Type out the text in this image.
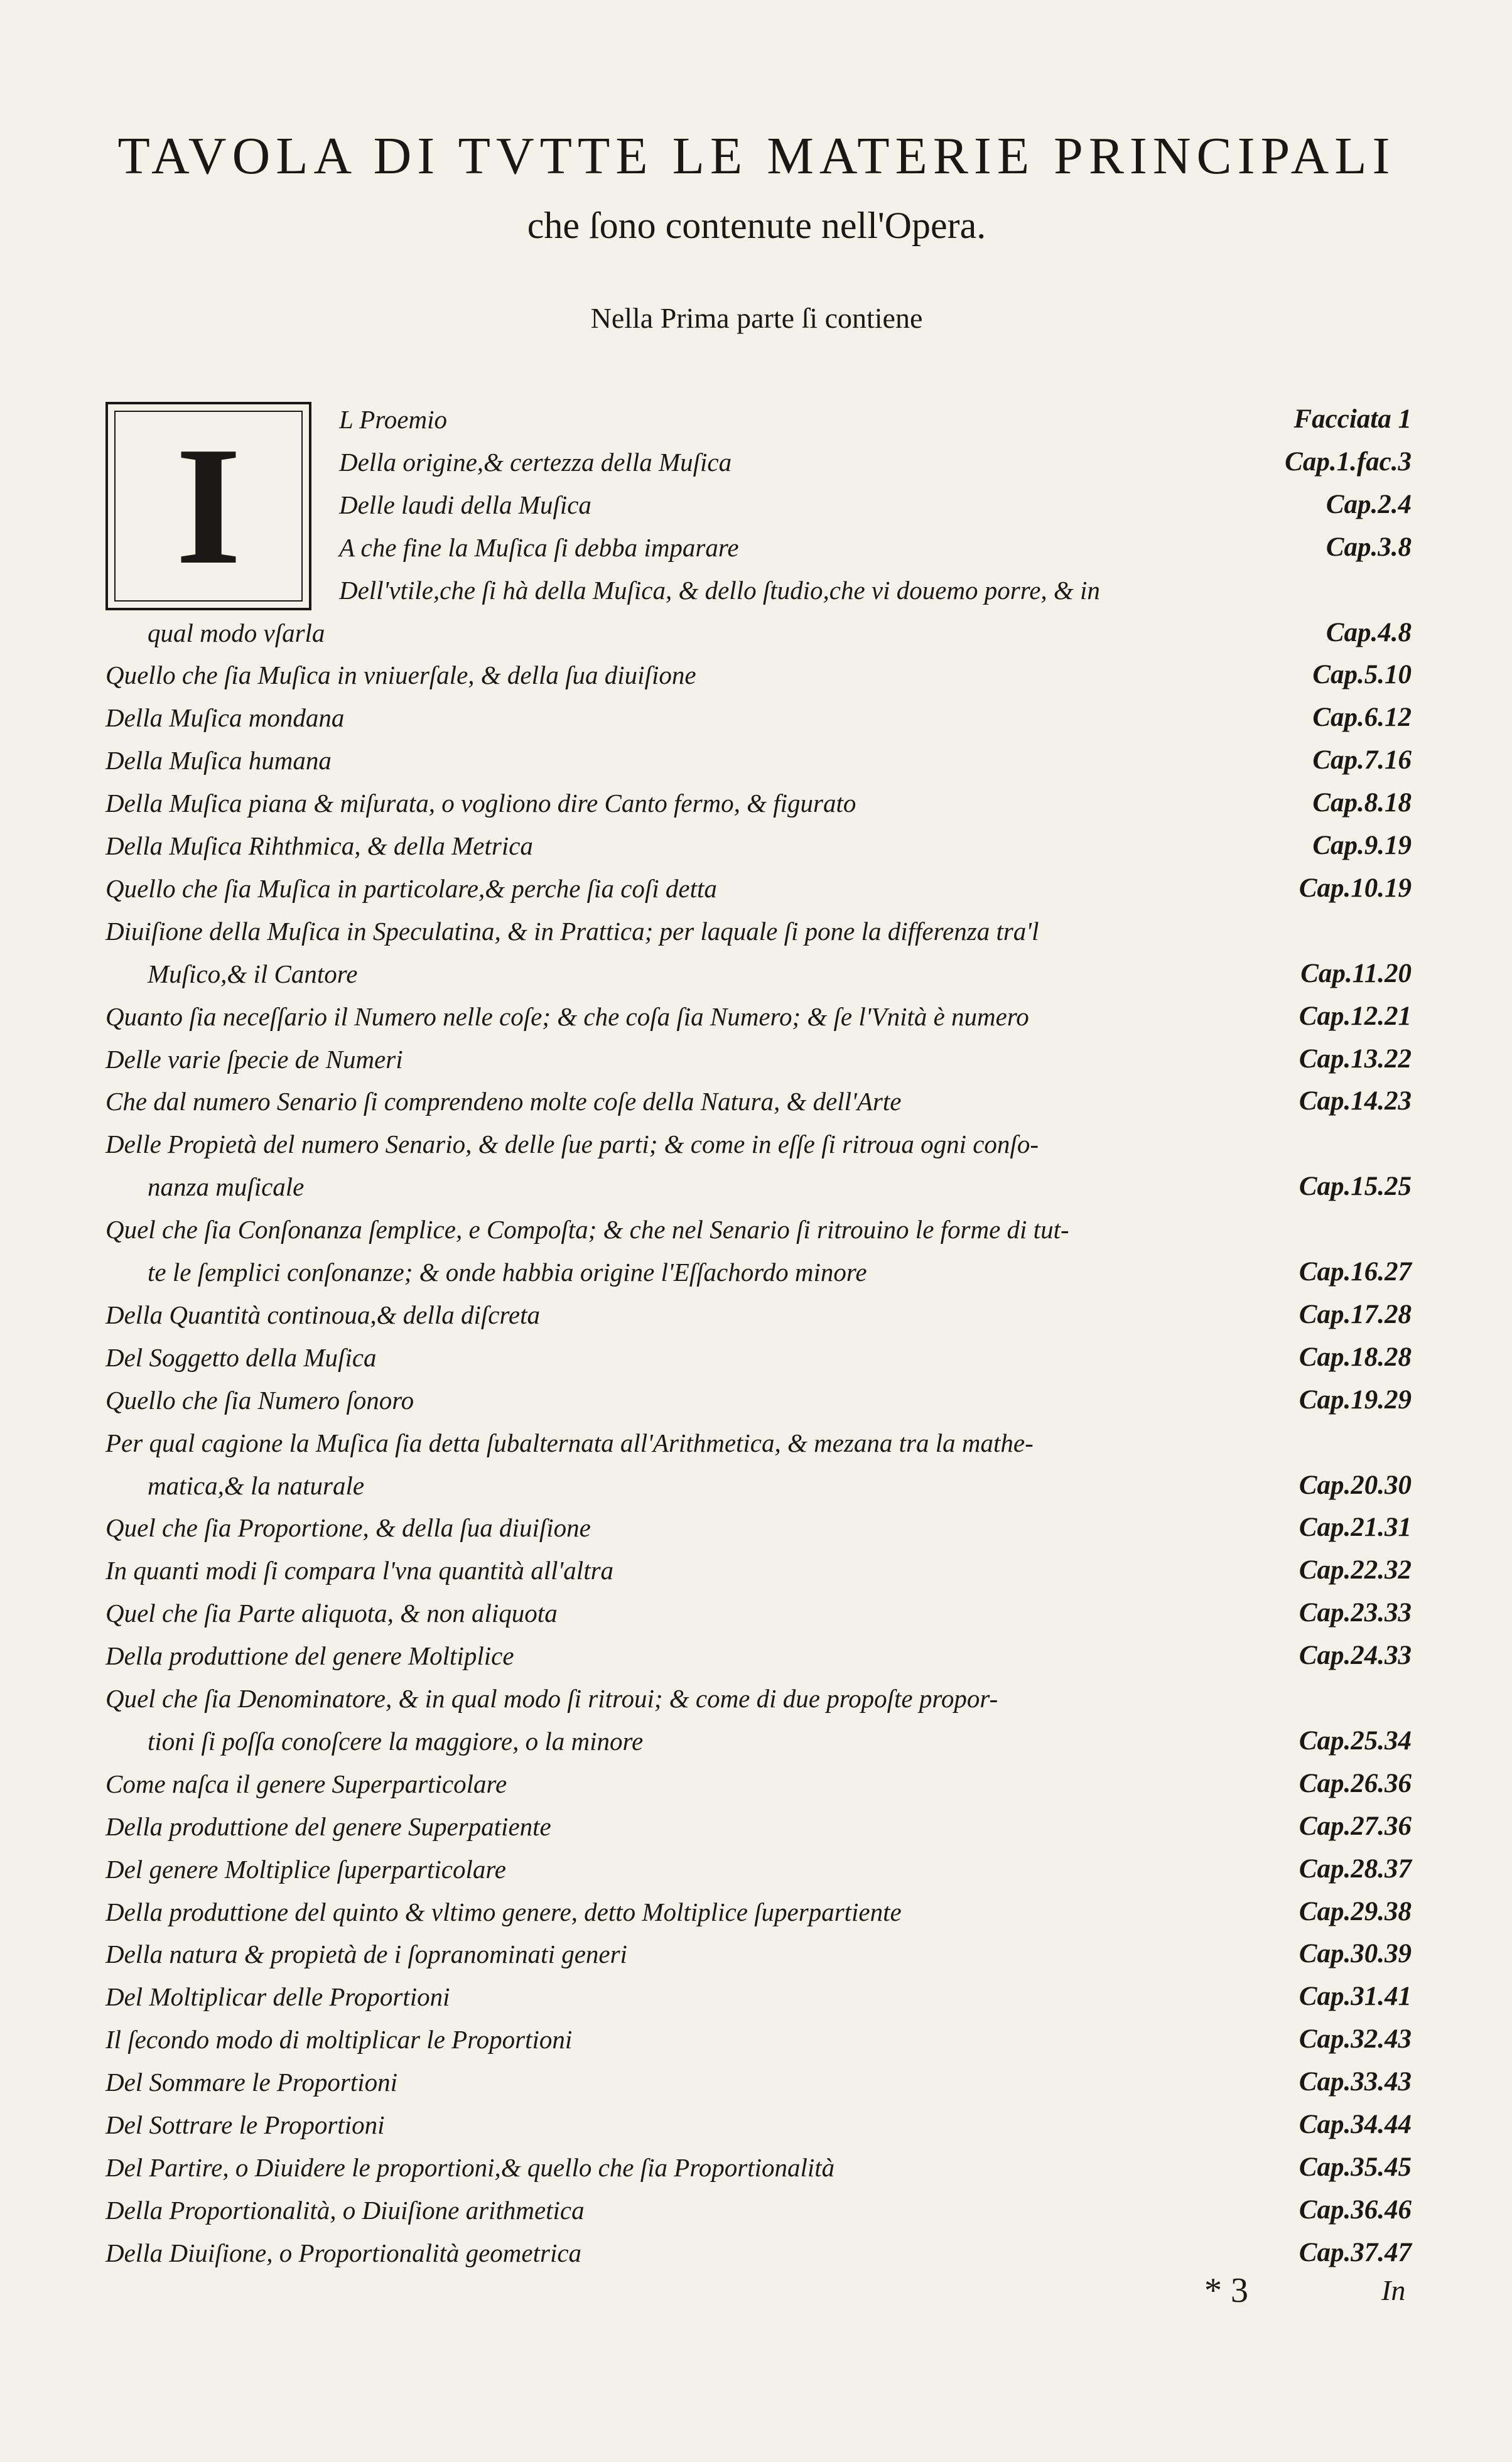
TAVOLA DI TVTTE LE MATERIE PRINCIPALI
che ſono contenute nell'Opera.
Nella Prima parte ſi contiene
I	L Proemio	Facciata 1
Della origine,& certezza della Muſica	Cap.1.fac.3
Delle laudi della Muſica	Cap.2.4
A che fine la Muſica ſi debba imparare	Cap.3.8
Dell'vtile,che ſi hà della Muſica, & dello ſtudio,che vi douemo porre, & in
qual modo vſarla	Cap.4.8
Quello che ſia Muſica in vniuerſale, & della ſua diuiſione	Cap.5.10
Della Muſica mondana	Cap.6.12
Della Muſica humana	Cap.7.16
Della Muſica piana & miſurata, o vogliono dire Canto fermo, & figurato	Cap.8.18
Della Muſica Rihthmica, & della Metrica	Cap.9.19
Quello che ſia Muſica in particolare,& perche ſia coſi detta	Cap.10.19
Diuiſione della Muſica in Speculatina, & in Prattica; per laquale ſi pone la differenza tra'l
Muſico,& il Cantore	Cap.11.20
Quanto ſia neceſſario il Numero nelle coſe; & che coſa ſia Numero; & ſe l'Vnità è numero	Cap.12.21
Delle varie ſpecie de Numeri	Cap.13.22
Che dal numero Senario ſi comprendeno molte coſe della Natura, & dell'Arte	Cap.14.23
Delle Propietà del numero Senario, & delle ſue parti; & come in eſſe ſi ritroua ogni conſo-
nanza muſicale	Cap.15.25
Quel che ſia Conſonanza ſemplice, e Compoſta; & che nel Senario ſi ritrouino le forme di tut-
te le ſemplici conſonanze; & onde habbia origine l'Eſſachordo minore	Cap.16.27
Della Quantità continoua,& della diſcreta	Cap.17.28
Del Soggetto della Muſica	Cap.18.28
Quello che ſia Numero ſonoro	Cap.19.29
Per qual cagione la Muſica ſia detta ſubalternata all'Arithmetica, & mezana tra la mathe-
matica,& la naturale	Cap.20.30
Quel che ſia Proportione, & della ſua diuiſione	Cap.21.31
In quanti modi ſi compara l'vna quantità all'altra	Cap.22.32
Quel che ſia Parte aliquota, & non aliquota	Cap.23.33
Della produttione del genere Moltiplice	Cap.24.33
Quel che ſia Denominatore, & in qual modo ſi ritroui; & come di due propoſte propor-
tioni ſi poſſa conoſcere la maggiore, o la minore	Cap.25.34
Come naſca il genere Superparticolare	Cap.26.36
Della produttione del genere Superpatiente	Cap.27.36
Del genere Moltiplice ſuperparticolare	Cap.28.37
Della produttione del quinto & vltimo genere, detto Moltiplice ſuperpartiente	Cap.29.38
Della natura & propietà de i ſopranominati generi	Cap.30.39
Del Moltiplicar delle Proportioni	Cap.31.41
Il ſecondo modo di moltiplicar le Proportioni	Cap.32.43
Del Sommare le Proportioni	Cap.33.43
Del Sottrare le Proportioni	Cap.34.44
Del Partire, o Diuidere le proportioni,& quello che ſia Proportionalità	Cap.35.45
Della Proportionalità, o Diuiſione arithmetica	Cap.36.46
Della Diuiſione, o Proportionalità geometrica	Cap.37.47
* 3	In
